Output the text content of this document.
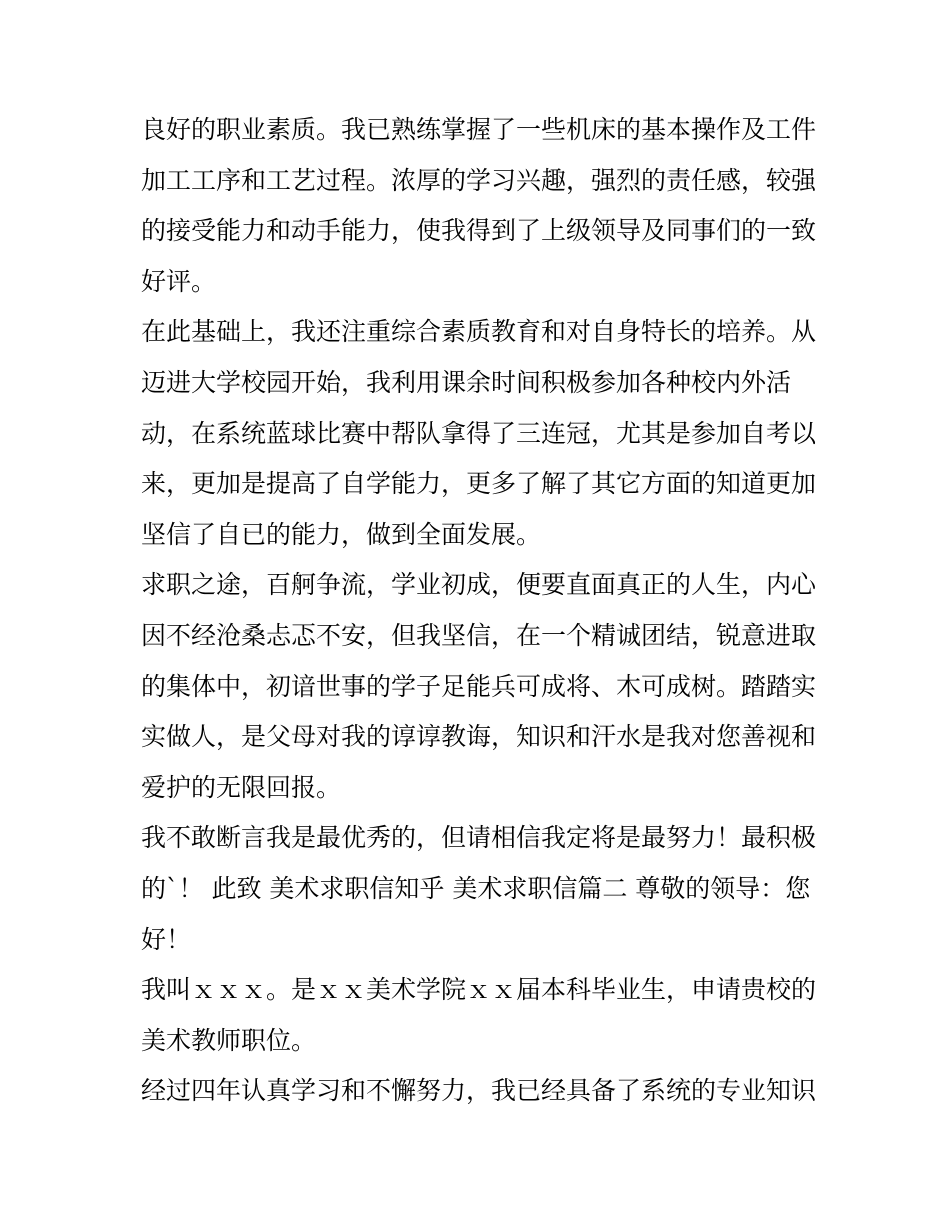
良好的职业素质。我已熟练掌握了一些机床的基本操作及工件
加工工序和工艺过程。浓厚的学习兴趣，强烈的责任感，较强
的接受能力和动手能力，使我得到了上级领导及同事们的一致
好评。
在此基础上，我还注重综合素质教育和对自身特长的培养。从
迈进大学校园开始，我利用课余时间积极参加各种校内外活
动，在系统蓝球比赛中帮队拿得了三连冠，尤其是参加自考以
来，更加是提高了自学能力，更多了解了其它方面的知道更加
坚信了自已的能力，做到全面发展。
求职之途，百舸争流，学业初成，便要直面真正的人生，内心
因不经沧桑忐忑不安，但我坚信，在一个精诚团结，锐意进取
的集体中，初谙世事的学子足能兵可成将、木可成树。踏踏实
实做人，是父母对我的谆谆教诲，知识和汗水是我对您善视和
爱护的无限回报。
我不敢断言我是最优秀的，但请相信我定将是最努力！最积极
的`！ 此致 美术求职信知乎 美术求职信篇二 尊敬的领导：您
好！
我叫ｘｘｘ。是ｘｘ美术学院ｘｘ届本科毕业生，申请贵校的
美术教师职位。
经过四年认真学习和不懈努力，我已经具备了系统的专业知识
